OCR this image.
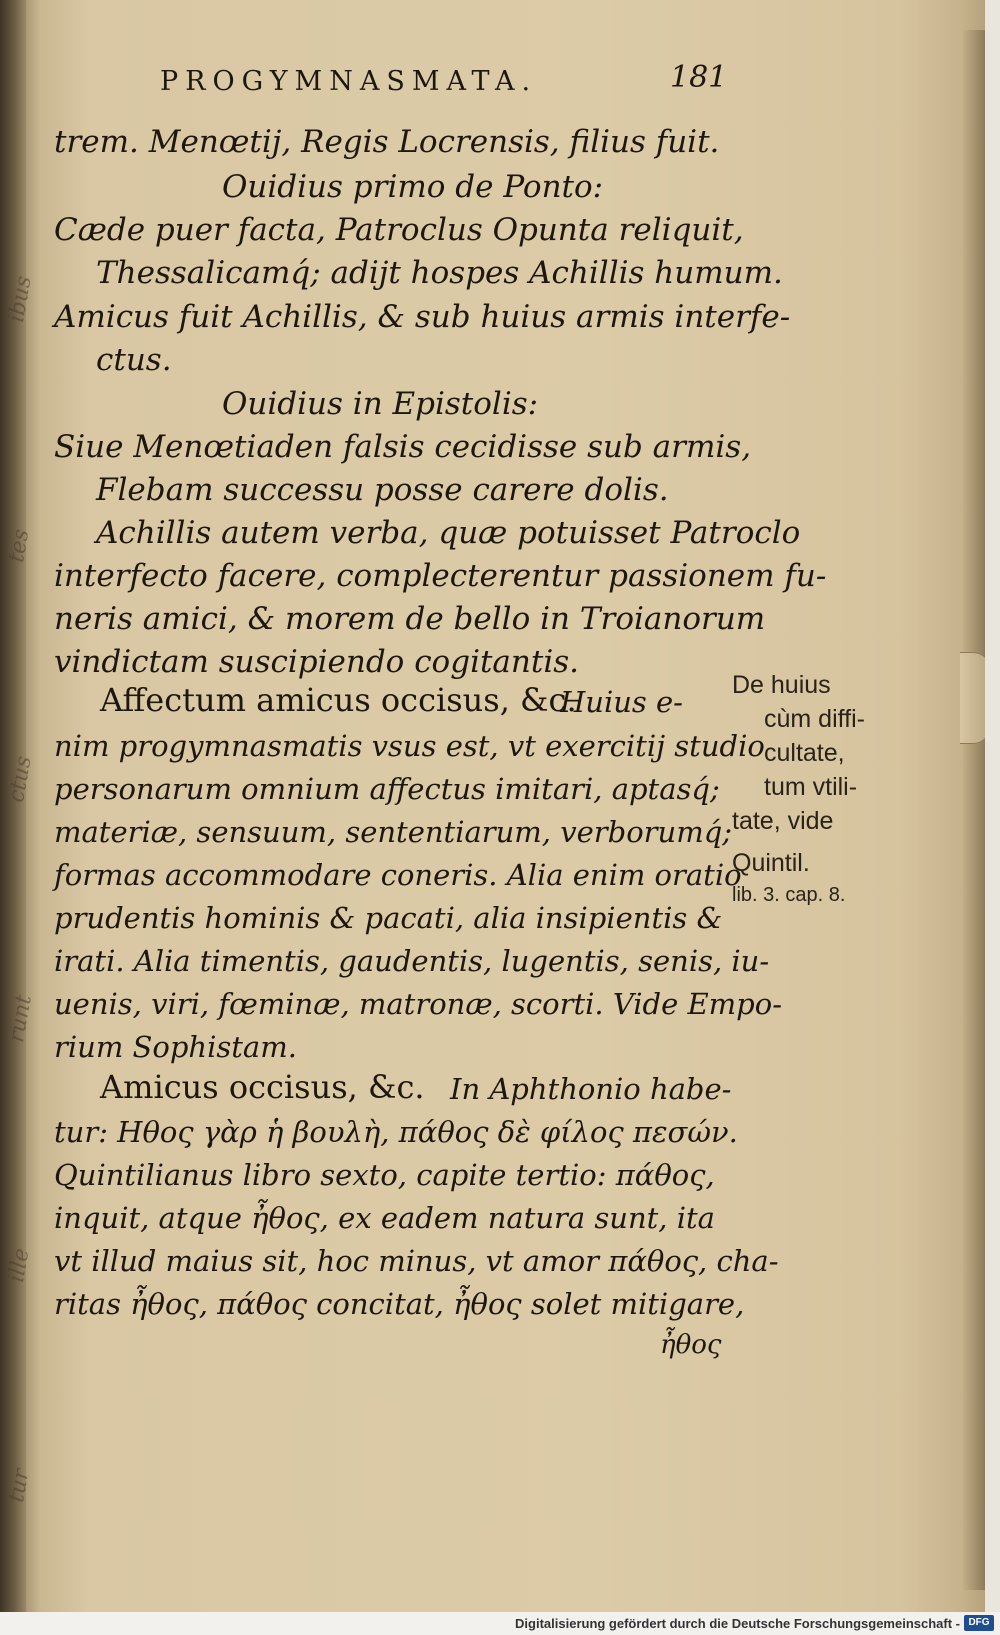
ibus
tes
ctus
runt
ille
tur
PROGYMNASMATA.	181
trem. Menœtij, Regis Locrensis, filius fuit.
Ouidius primo de Ponto:
Cæde puer facta, Patroclus Opunta reliquit,
Thessalicamq́; adijt hospes Achillis humum.
Amicus fuit Achillis, & sub huius armis interfe-
ctus.
Ouidius in Epistolis:
Siue Menœtiaden falsis cecidisse sub armis,
Flebam successu posse carere dolis.
Achillis autem verba, quæ potuisset Patroclo
interfecto facere, complecterentur passionem fu-
neris amici, & morem de bello in Troianorum
vindictam suscipiendo cogitantis.
Affectum amicus occisus, &c.
Huius e-
nim progymnasmatis vsus est, vt exercitij studio
personarum omnium affectus imitari, aptasq́;
materiæ, sensuum, sententiarum, verborumq́;
formas accommodare coneris. Alia enim oratio
prudentis hominis & pacati, alia insipientis &
irati. Alia timentis, gaudentis, lugentis, senis, iu-
uenis, viri, fœminæ, matronæ, scorti. Vide Empo-
rium Sophistam.
Amicus occisus, &c. In Aphthonio habe-
tur: Ηθος γὰρ ἡ βουλὴ, πάθος δὲ φίλος πεσών.
Quintilianus libro sexto, capite tertio: πάθος,
inquit, atque ἦθος, ex eadem natura sunt, ita
vt illud maius sit, hoc minus, vt amor πάθος, cha-
ritas ἦθος, πάθος concitat, ἦθος solet mitigare,
ἦθος
De huius
cùm diffi-
cultate,
tum vtili-
tate, vide
Quintil.
lib. 3. cap. 8.
Digitalisierung gefördert durch die Deutsche Forschungsgemeinschaft - DFG
